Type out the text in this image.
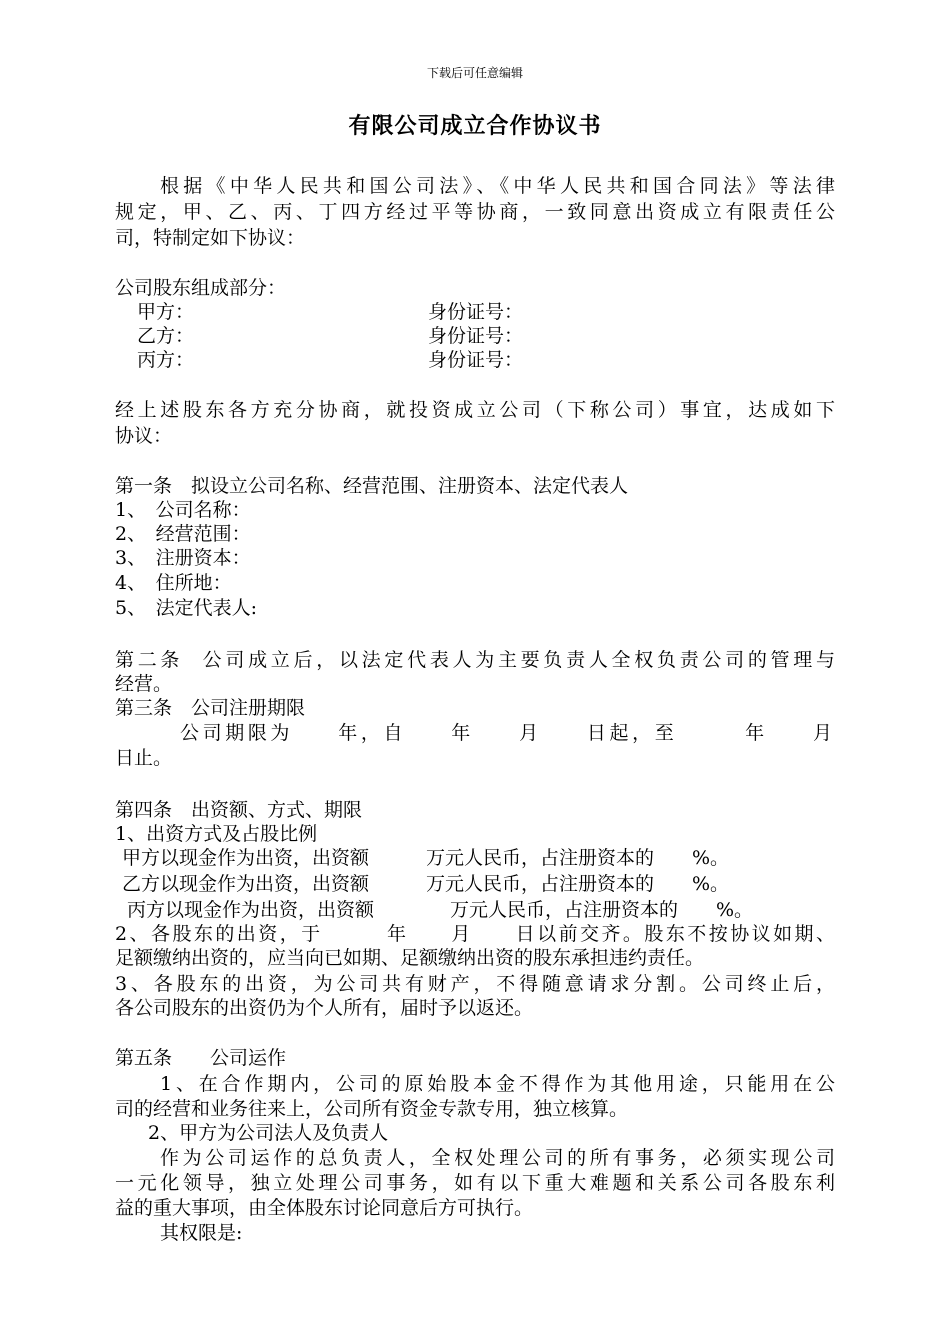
下载后可任意编辑
有限公司成立合作协议书
根据《中华人民共和国公司法》、《中华人民共和国合同法》等法律
规定，甲、乙、丙、丁四方经过平等协商，一致同意出资成立有限责任公
司，特制定如下协议：
公司股东组成部分：
甲方：	身份证号：
乙方：	身份证号：
丙方：	身份证号：
经上述股东各方充分协商，就投资成立公司（下称公司）事宜，达成如下
协议：
第一条　拟设立公司名称、经营范围、注册资本、法定代表人
1、　公司名称：
2、　经营范围：
3、　注册资本：
4、　住所地：
5、　法定代表人:
第二条  公司成立后，以法定代表人为主要负责人全权负责公司的管理与
经营。
第三条　公司注册期限
公司期限为　　年，自　　年　　月　　日起，至　　　年　　月
日止。
第四条　出资额、方式、期限
1、出资方式及占股比例
甲方以现金作为出资，出资额　　　万元人民币，占注册资本的　　%。
乙方以现金作为出资，出资额　　　万元人民币，占注册资本的　　%。
丙方以现金作为出资，出资额　　　　万元人民币，占注册资本的　　%。
2、各股东的出资，于　　　年　　月　　日以前交齐。股东不按协议如期、
足额缴纳出资的，应当向已如期、足额缴纳出资的股东承担违约责任。
3、各股东的出资，为公司共有财产，不得随意请求分割。公司终止后，
各公司股东的出资仍为个人所有，届时予以返还。
第五条　　公司运作
1、在合作期内，公司的原始股本金不得作为其他用途，只能用在公
司的经营和业务往来上，公司所有资金专款专用，独立核算。
2、甲方为公司法人及负责人
作为公司运作的总负责人，全权处理公司的所有事务，必须实现公司
一元化领导，独立处理公司事务，如有以下重大难题和关系公司各股东利
益的重大事项，由全体股东讨论同意后方可执行。
其权限是:
